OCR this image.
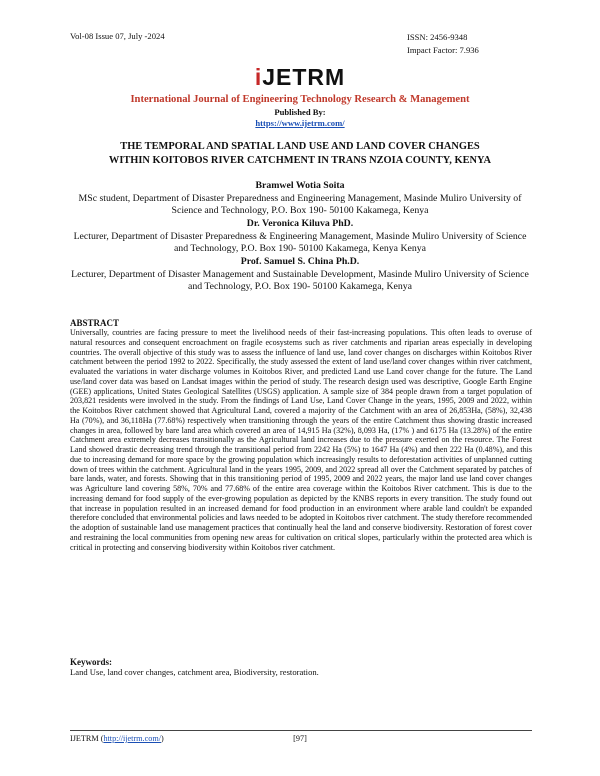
Vol-08 Issue 07, July -2024	ISSN: 2456-9348
Impact Factor: 7.936
iJETRM
International Journal of Engineering Technology Research & Management
Published By:
https://www.ijetrm.com/
THE TEMPORAL AND SPATIAL LAND USE AND LAND COVER CHANGES
WITHIN KOITOBOS RIVER CATCHMENT IN TRANS NZOIA COUNTY, KENYA
Bramwel Wotia Soita
MSc student, Department of Disaster Preparedness and Engineering Management, Masinde Muliro University of Science and Technology, P.O. Box 190- 50100 Kakamega, Kenya
Dr. Veronica Kiluva PhD.
Lecturer, Department of Disaster Preparedness & Engineering Management, Masinde Muliro University of Science and Technology, P.O. Box 190- 50100 Kakamega, Kenya Kenya
Prof. Samuel S. China Ph.D.
Lecturer, Department of Disaster Management and Sustainable Development, Masinde Muliro University of Science and Technology, P.O. Box 190- 50100 Kakamega, Kenya
ABSTRACT
Universally, countries are facing pressure to meet the livelihood needs of their fast-increasing populations. This often leads to overuse of natural resources and consequent encroachment on fragile ecosystems such as river catchments and riparian areas especially in developing countries. The overall objective of this study was to assess the influence of land use, land cover changes on discharges within Koitobos River catchment between the period 1992 to 2022. Specifically, the study assessed the extent of land use/land cover changes within river catchment, evaluated the variations in water discharge volumes in Koitobos River, and predicted Land use Land cover change for the future. The Land use/land cover data was based on Landsat images within the period of study. The research design used was descriptive, Google Earth Engine (GEE) applications, United States Geological Satellites (USGS) application. A sample size of 384 people drawn from a target population of 203,821 residents were involved in the study. From the findings of Land Use, Land Cover Change in the years, 1995, 2009 and 2022, within the Koitobos River catchment showed that Agricultural Land, covered a majority of the Catchment with an area of 26,853Ha, (58%), 32,438 Ha (70%), and 36,118Ha (77.68%) respectively when transitioning through the years of the entire Catchment thus showing drastic increased changes in area, followed by bare land area which covered an area of 14,915 Ha (32%), 8,093 Ha, (17% ) and 6175 Ha (13.28%) of the entire Catchment area extremely decreases transitionally as the Agricultural land increases due to the pressure exerted on the resource. The Forest Land showed drastic decreasing trend through the transitional period from 2242 Ha (5%) to 1647 Ha (4%) and then 222 Ha (0.48%), and this due to increasing demand for more space by the growing population which increasingly results to deforestation activities of unplanned cutting down of trees within the catchment. Agricultural land in the years 1995, 2009, and 2022 spread all over the Catchment separated by patches of bare lands, water, and forests. Showing that in this transitioning period of 1995, 2009 and 2022 years, the major land use land cover changes was Agriculture land covering 58%, 70% and 77.68% of the entire area coverage within the Koitobos River catchment. This is due to the increasing demand for food supply of the ever-growing population as depicted by the KNBS reports in every transition. The study found out that increase in population resulted in an increased demand for food production in an environment where arable land couldn't be expanded therefore concluded that environmental policies and laws needed to be adopted in Koitobos river catchment. The study therefore recommended the adoption of sustainable land use management practices that continually heal the land and conserve biodiversity. Restoration of forest cover and restraining the local communities from opening new areas for cultivation on critical slopes, particularly within the protected area which is critical in protecting and conserving biodiversity within Koitobos river catchment.
Keywords:
Land Use, land cover changes, catchment area, Biodiversity, restoration.
IJETRM (http://ijetrm.com/)	[97]
